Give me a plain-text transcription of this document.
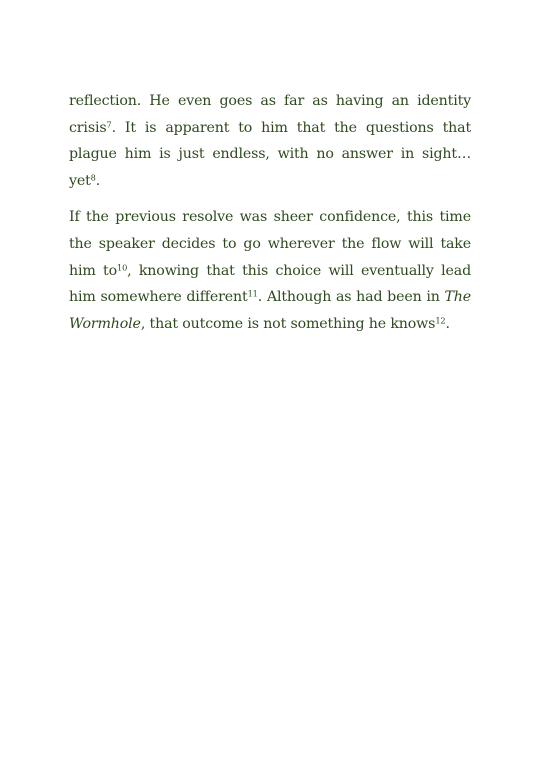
reflection. He even goes as far as having an identity crisis$^7$. It is apparent to him that the questions that plague him is just endless, with no answer in sight… yet$^8$.

If the previous resolve was sheer confidence, this time the speaker decides to go wherever the flow will take him $to^{10}$, knowing that this choice will eventually lead him somewhere different$^{11}$. Although as had been in The Wormhole, that outcome is not something he knows$^{12}$.
